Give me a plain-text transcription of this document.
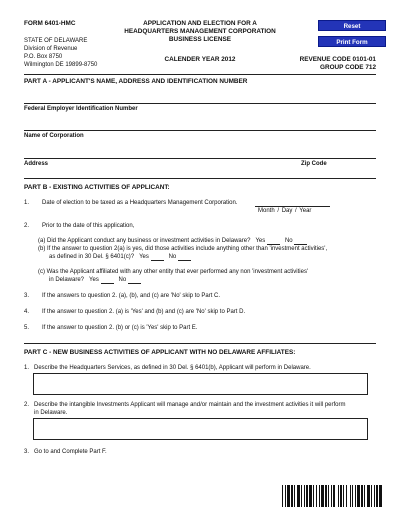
FORM 6401-HMC
STATE OF DELAWARE
Division of Revenue
P.O. Box 8750
Wilmington DE 19899-8750
APPLICATION AND ELECTION FOR A
HEADQUARTERS MANAGEMENT CORPORATION
BUSINESS LICENSE
CALENDER YEAR 2012
Reset
Print Form
REVENUE CODE 0101-01
GROUP CODE 712
PART A - APPLICANT'S NAME, ADDRESS AND IDENTIFICATION NUMBER
Federal Employer Identification Number
Name of Corporation
Address	Zip Code
PART B - EXISTING ACTIVITIES OF APPLICANT:
1. Date of election to be taxed as a Headquarters Management Corporation.
Month / Day / Year
2. Prior to the date of this application,
(a) Did the Applicant conduct any business or investment activities in Delaware? Yes	No
(b) If the answer to question 2(a) is yes, did those activities include anything other than 'investment activities',
as defined in 30 Del. § 6401(c)? Yes	No
(c) Was the Applicant affiliated with any other entity that ever performed any non 'investment activities'
in Delaware? Yes	No
3. If the answers to question 2. (a), (b), and (c) are 'No' skip to Part C.
4. If the answer to question 2. (a) is 'Yes' and (b) and (c) are 'No' skip to Part D.
5. If the answer to question 2. (b) or (c) is 'Yes' skip to Part E.
PART C - NEW BUSINESS ACTIVITIES OF APPLICANT WITH NO DELAWARE AFFILIATES:
1. Describe the Headquarters Services, as defined in 30 Del. § 6401(b), Applicant will perform in Delaware.
2. Describe the intangible Investments Applicant will manage and/or maintain and the investment activities it will perform
in Delaware.
3. Go to and Complete Part F.
